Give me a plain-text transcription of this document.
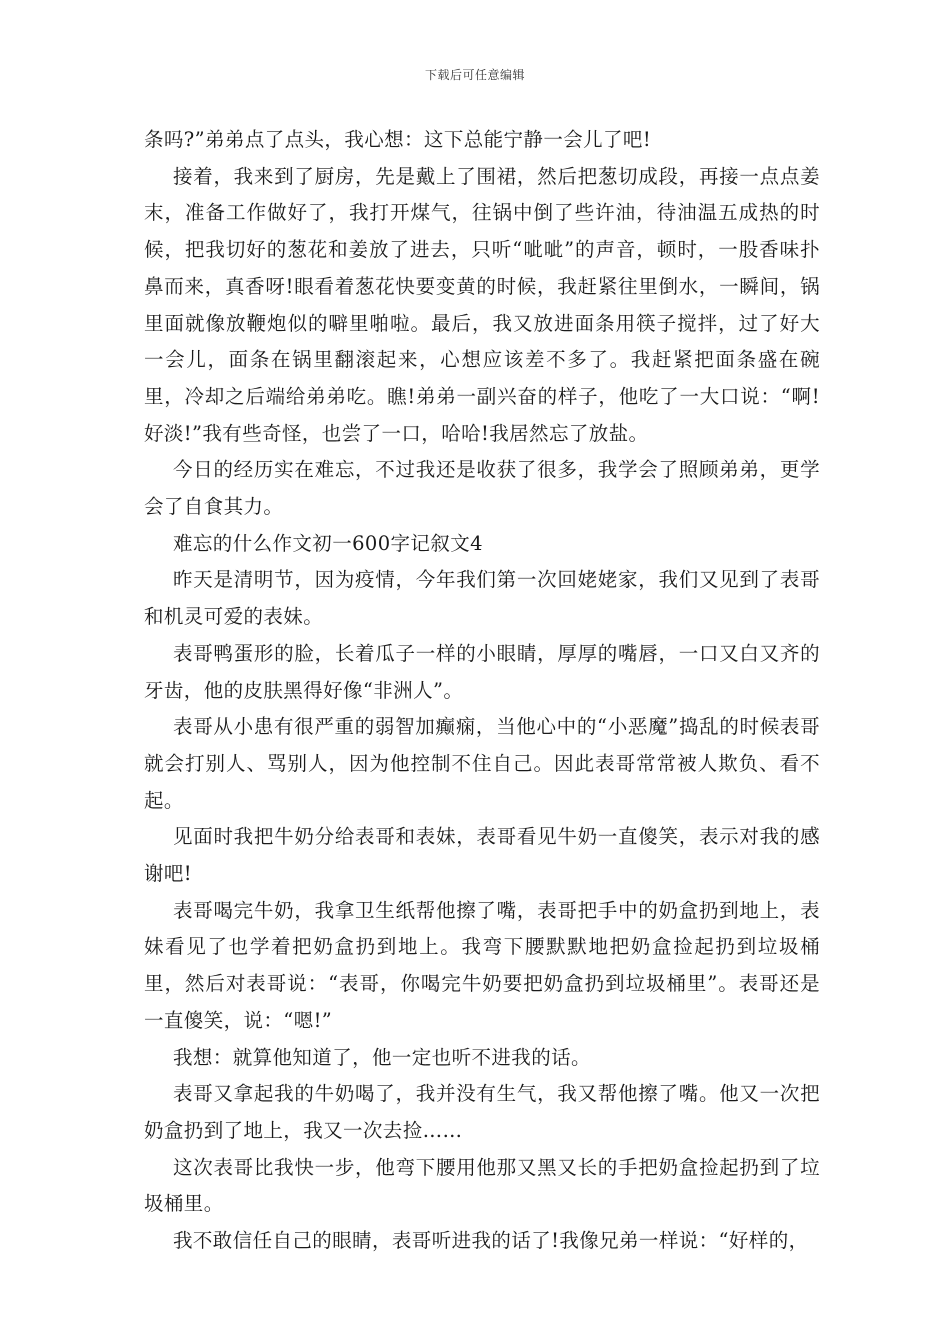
下载后可任意编辑

条吗?”弟弟点了点头，我心想：这下总能宁静一会儿了吧!

接着，我来到了厨房，先是戴上了围裙，然后把葱切成段，再接一点点姜末，准备工作做好了，我打开煤气，往锅中倒了些许油，待油温五成热的时候，把我切好的葱花和姜放了进去，只听“呲呲”的声音，顿时，一股香味扑鼻而来，真香呀!眼看着葱花快要变黄的时候，我赶紧往里倒水，一瞬间，锅里面就像放鞭炮似的噼里啪啦。最后，我又放进面条用筷子搅拌，过了好大一会儿，面条在锅里翻滚起来，心想应该差不多了。我赶紧把面条盛在碗里，冷却之后端给弟弟吃。瞧!弟弟一副兴奋的样子，他吃了一大口说：“啊!好淡!”我有些奇怪，也尝了一口，哈哈!我居然忘了放盐。

今日的经历实在难忘，不过我还是收获了很多，我学会了照顾弟弟，更学会了自食其力。

难忘的什么作文初一600字记叙文4

昨天是清明节，因为疫情，今年我们第一次回姥姥家，我们又见到了表哥和机灵可爱的表妹。

表哥鸭蛋形的脸，长着瓜子一样的小眼睛，厚厚的嘴唇，一口又白又齐的牙齿，他的皮肤黑得好像“非洲人”。

表哥从小患有很严重的弱智加癫痫，当他心中的“小恶魔”捣乱的时候表哥就会打别人、骂别人，因为他控制不住自己。因此表哥常常被人欺负、看不起。

见面时我把牛奶分给表哥和表妹，表哥看见牛奶一直傻笑，表示对我的感谢吧!

表哥喝完牛奶，我拿卫生纸帮他擦了嘴，表哥把手中的奶盒扔到地上，表妹看见了也学着把奶盒扔到地上。我弯下腰默默地把奶盒捡起扔到垃圾桶里，然后对表哥说：“表哥，你喝完牛奶要把奶盒扔到垃圾桶里”。表哥还是一直傻笑，说：“嗯!”

我想：就算他知道了，他一定也听不进我的话。

表哥又拿起我的牛奶喝了，我并没有生气，我又帮他擦了嘴。他又一次把奶盒扔到了地上，我又一次去捡……

这次表哥比我快一步，他弯下腰用他那又黑又长的手把奶盒捡起扔到了垃圾桶里。

我不敢信任自己的眼睛，表哥听进我的话了!我像兄弟一样说：“好样的，
